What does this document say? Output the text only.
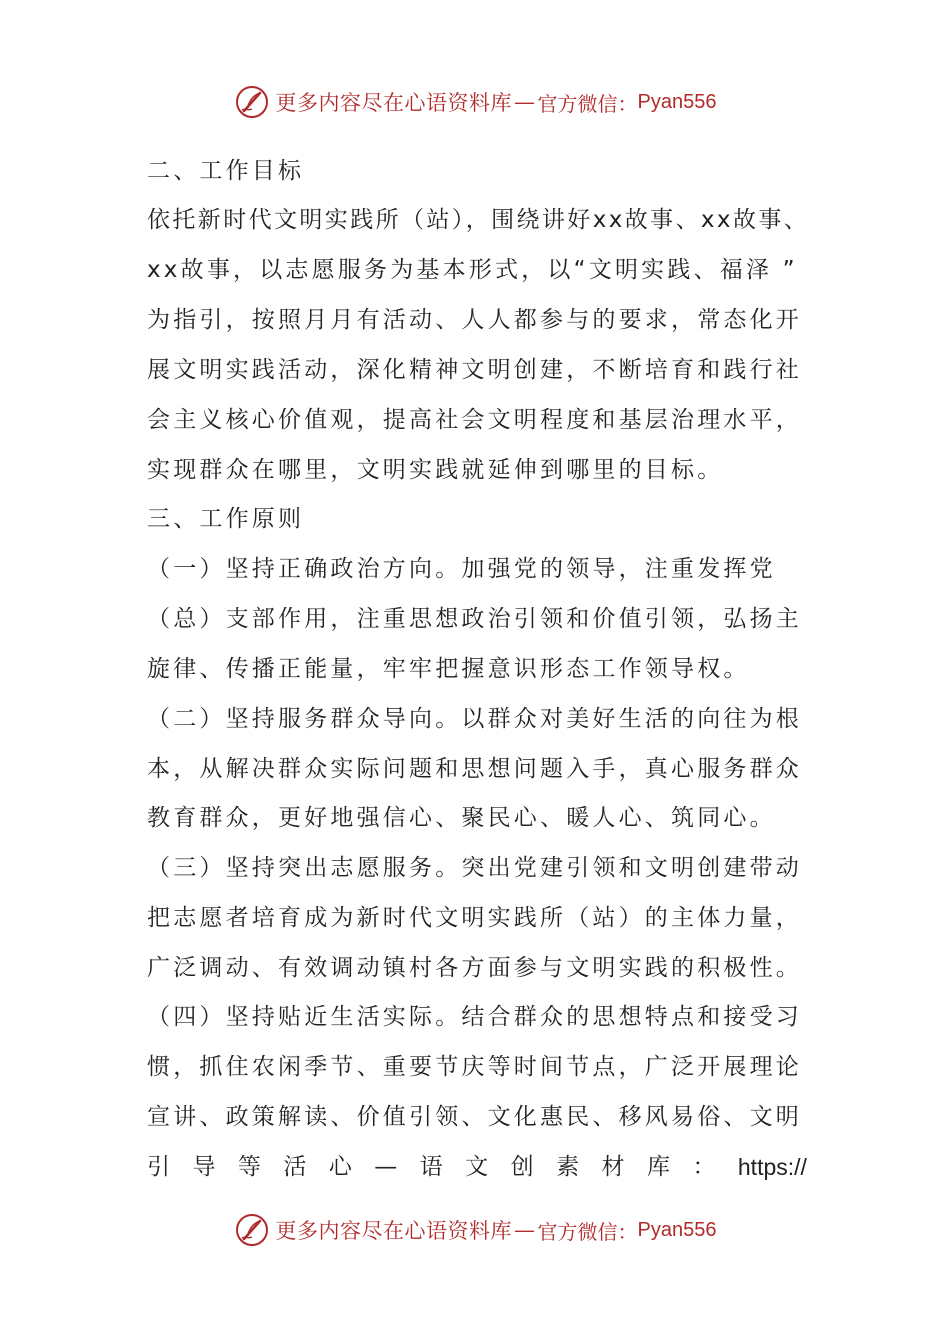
更多内容尽在心语资料库 — 官方微信： Pyan556
二、工作目标
依托新时代文明实践所（站），围绕讲好xx故事、xx故事、
xx故事，以志愿服务为基本形式，以“文明实践、福泽 ”
为指引，按照月月有活动、人人都参与的要求，常态化开
展文明实践活动，深化精神文明创建，不断培育和践行社
会主义核心价值观，提高社会文明程度和基层治理水平，
实现群众在哪里，文明实践就延伸到哪里的目标。
三、工作原则
（一）坚持正确政治方向。加强党的领导，注重发挥党
（总）支部作用，注重思想政治引领和价值引领，弘扬主
旋律、传播正能量，牢牢把握意识形态工作领导权。
（二）坚持服务群众导向。以群众对美好生活的向往为根
本，从解决群众实际问题和思想问题入手，真心服务群众
教育群众，更好地强信心、聚民心、暖人心、筑同心。
（三）坚持突出志愿服务。突出党建引领和文明创建带动
把志愿者培育成为新时代文明实践所（站）的主体力量，
广泛调动、有效调动镇村各方面参与文明实践的积极性。
（四）坚持贴近生活实际。结合群众的思想特点和接受习
惯，抓住农闲季节、重要节庆等时间节点，广泛开展理论
宣讲、政策解读、价值引领、文化惠民、移风易俗、文明
引 导 等 活 心 — 语 文 创 素 材 库 ： https://
更多内容尽在心语资料库 — 官方微信： Pyan556
